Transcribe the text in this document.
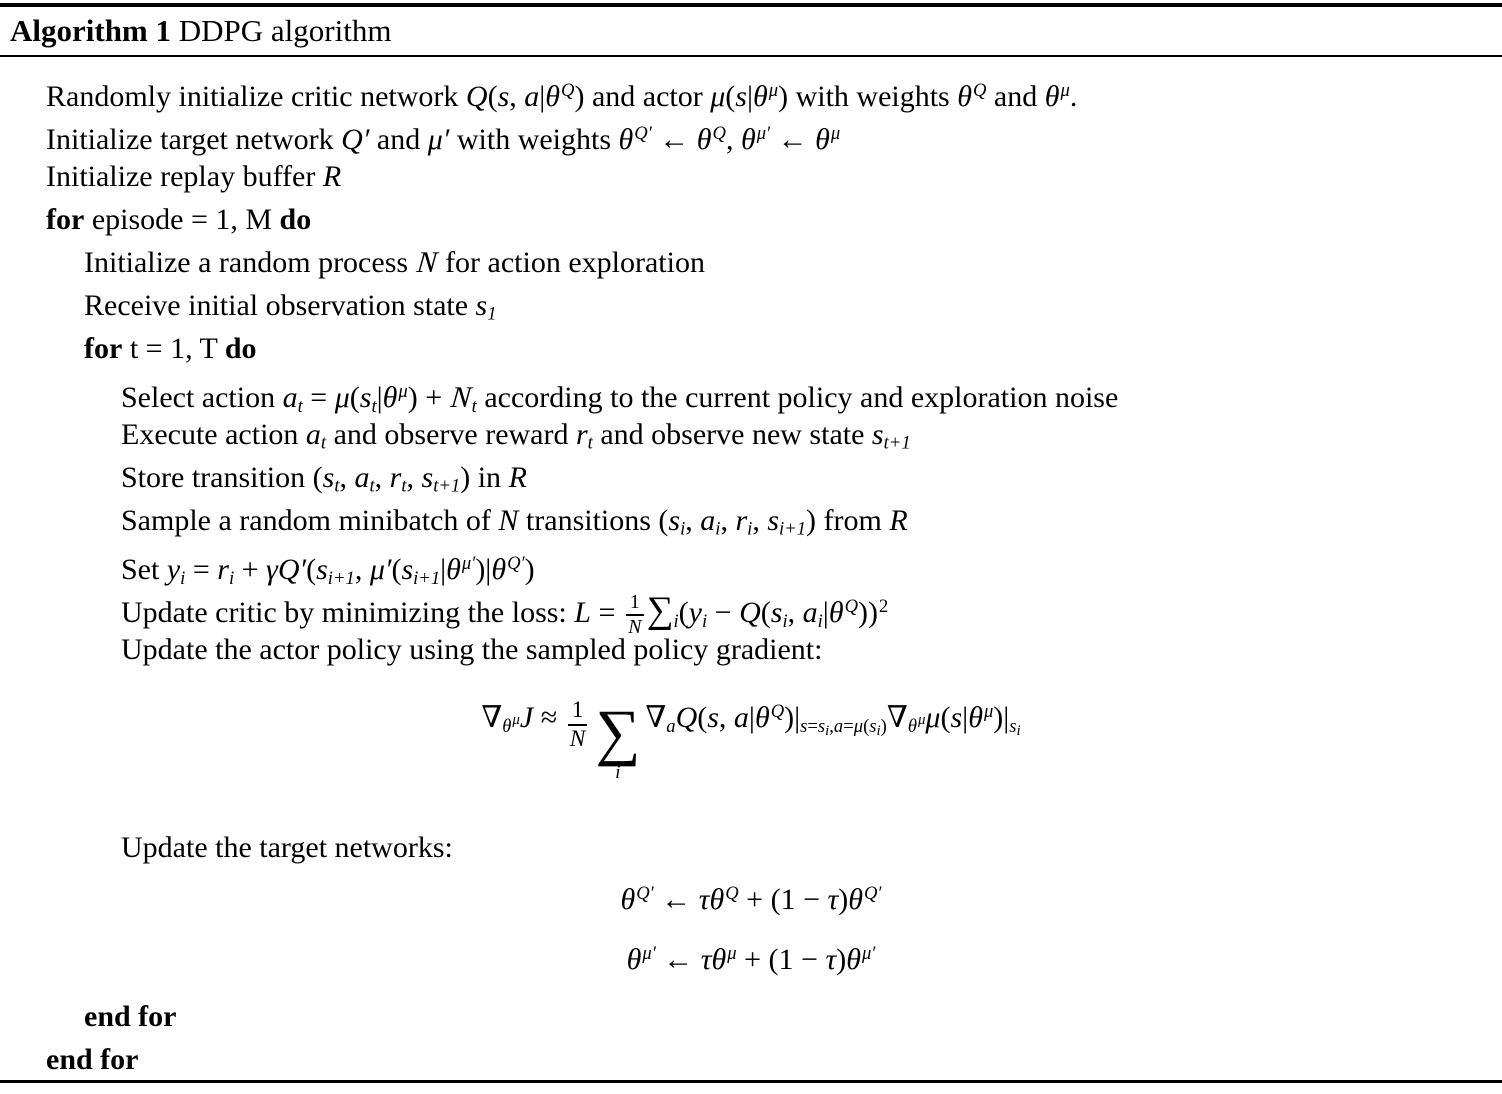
Algorithm 1 DDPG algorithm
Randomly initialize critic network Q(s, $a|\theta^Q$) and actor $\mu(s|\theta^\mu)$ with weights $\theta^Q$ and $\theta^\mu$.
Initialize target network Q′ and μ′ with weights $\theta^{Q'}$ ← $\theta^Q$, $\theta^{\mu'}$ ← $\theta^\mu$
Initialize replay buffer R
for episode = 1, M do
Initialize a random process N for action exploration
Receive initial observation state $s_1$
for t = 1, T do
Select action $a_t = \mu(s_t|\theta^\mu) + N_t$ according to the current policy and exploration noise
Execute action $a_t$ and observe reward $r_t$ and observe new state $s_{t+1}$
Store transition ($s_t$, $a_t$, $r_t$, $s_{t+1}$) in R
Sample a random minibatch of N transitions ($s_i$, $a_i$, $r_i$, $s_{i+1}$) from R
Set $y_i = r_i + \gamma Q'(s_{i+1}$, $\mu'(s_{i+1}|\theta^{\mu'})|\theta^{Q'}$)
Update critic by minimizing the loss: $L = \frac{1}{N} \sum_i(y_i - Q(s_i$, $a_i|\theta^Q))^2$
Update the actor policy using the sampled policy gradient:
$\nabla_{\theta^\mu}J \approx \frac{1}{N}$ ∑
i
$\nabla_aQ(s$, $a|\theta^Q)|_{s=si,a=\mu(si)}\nabla_{\theta^\mu}\mu(s|\theta^\mu)|_{si}$
Update the target networks:
$\theta^{Q'}$ ← $\tau\theta^Q + (1 - \tau)\theta^{Q'}$
$\theta^{\mu'}$ ← $\tau\theta^\mu + (1 - \tau)\theta^{\mu'}$
end for
end for
